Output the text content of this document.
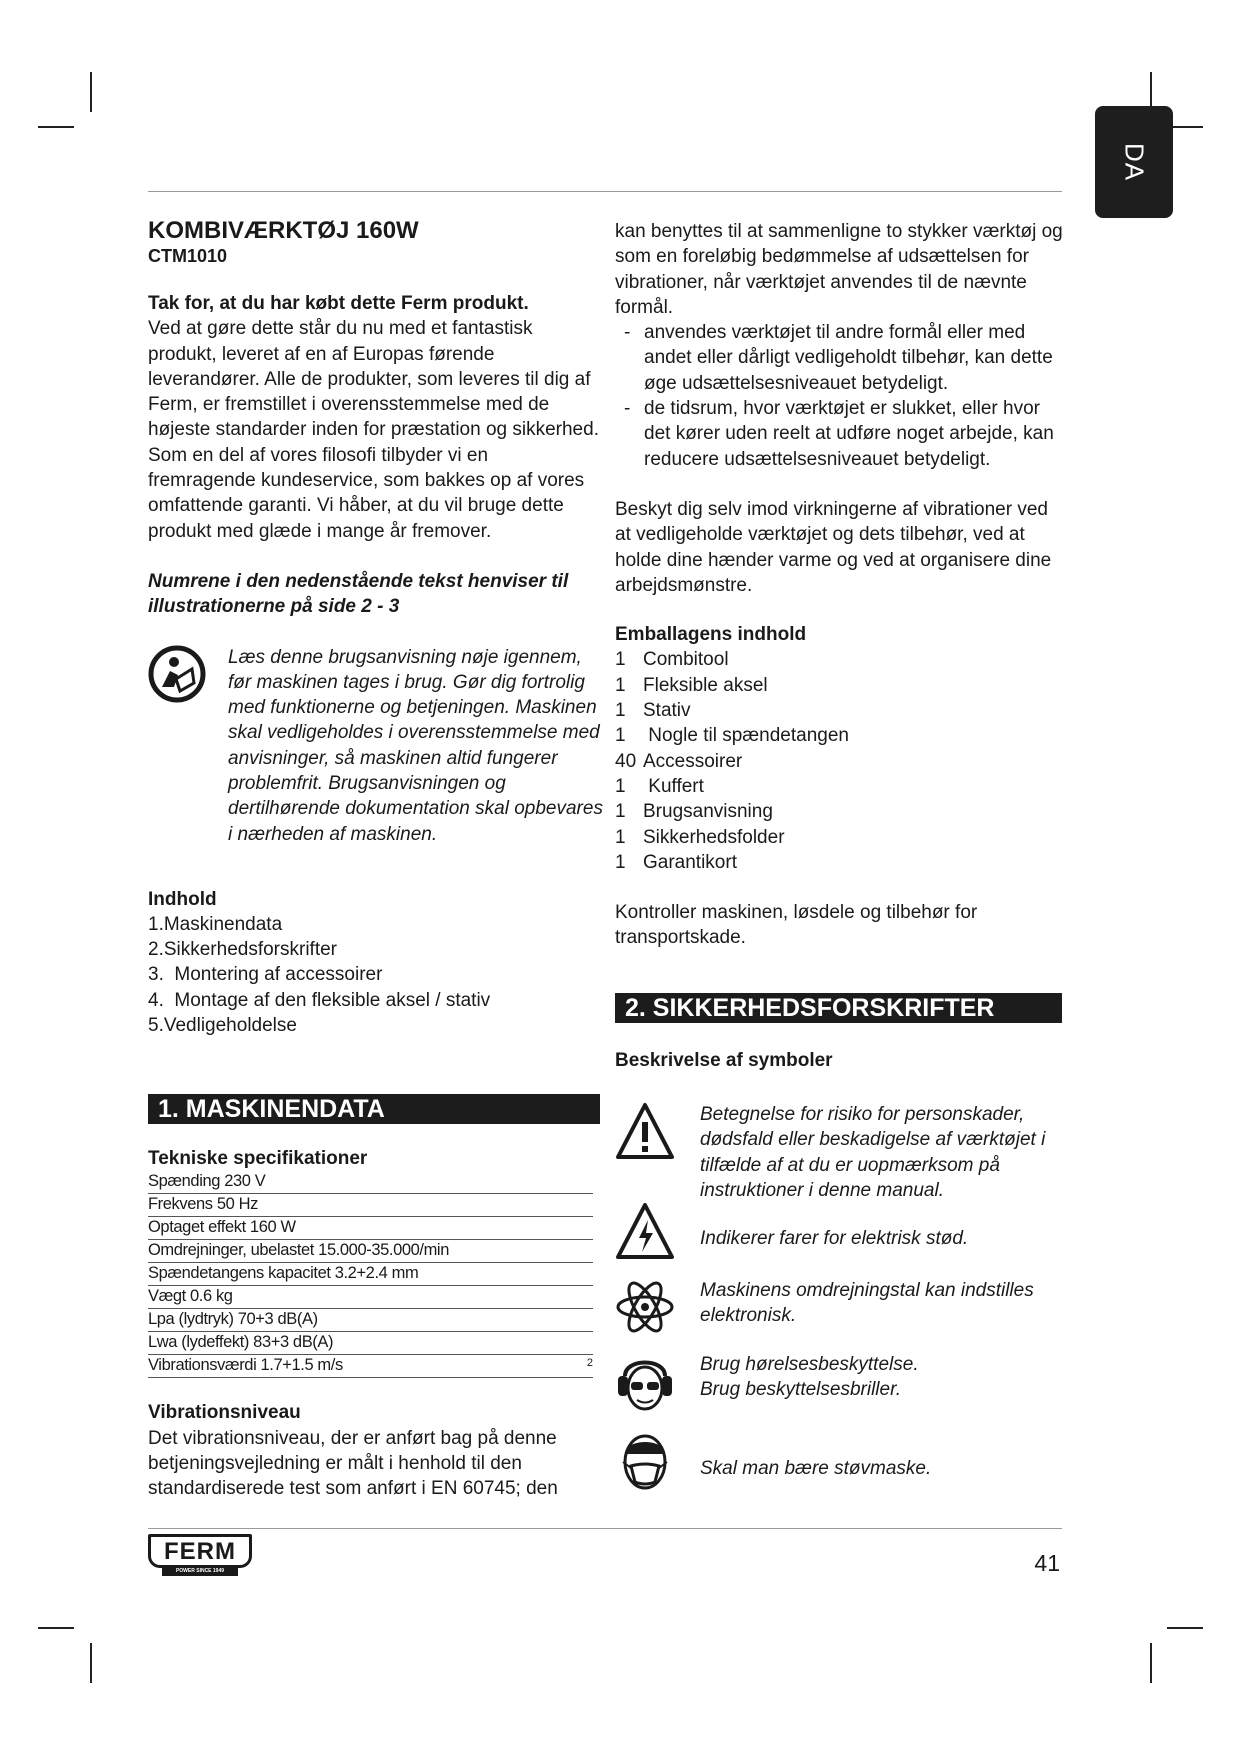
DA

KOMBIVÆRKTØJ 160W

CTM1010

Tak for, at du har købt dette Ferm produkt.

Ved at gøre dette står du nu med et fantastisk produkt, leveret af en af Europas førende leverandører. Alle de produkter, som leveres til dig af Ferm, er fremstillet i overensstemmelse med de højeste standarder inden for præstation og sikkerhed. Som en del af vores filosofi tilbyder vi en fremragende kundeservice, som bakkes op af vores omfattende garanti. Vi håber, at du vil bruge dette produkt med glæde i mange år fremover.

Numrene i den nedenstående tekst henviser til illustrationerne på side 2 - 3

Læs denne brugsanvisning nøje igennem, før maskinen tages i brug. Gør dig fortrolig med funktionerne og betjeningen. Maskinen skal vedligeholdes i overensstemmelse med anvisninger, så maskinen altid fungerer problemfrit. Brugsanvisningen og dertilhørende dokumentation skal opbevares i nærheden af maskinen.

Indhold

1.Maskinendata

2.Sikkerhedsforskrifter

3.  Montering af accessoirer

4.  Montage af den fleksible aksel / stativ

5.Vedligeholdelse

1. MASKINENDATA

Tekniske specifikationer

Spænding 230 V
Frekvens 50 Hz
Optaget effekt 160 W
Omdrejninger, ubelastet 15.000-35.000/min
Spændetangens kapacitet 3.2+2.4 mm
Vægt 0.6 kg
Lpa (lydtryk) 70+3 dB(A)
Lwa (lydeffekt) 83+3 dB(A)
Vibrationsværdi 1.7+1.5 m/s	2

Vibrationsniveau

Det vibrationsniveau, der er anført bag på denne betjeningsvejledning er målt i henhold til den standardiserede test som anført i EN 60745; den

kan benyttes til at sammenligne to stykker værktøj og som en foreløbig bedømmelse af udsættelsen for vibrationer, når værktøjet anvendes til de nævnte formål.

- anvendes værktøjet til andre formål eller med andet eller dårligt vedligeholdt tilbehør, kan dette øge udsættelsesniveauet betydeligt.
- de tidsrum, hvor værktøjet er slukket, eller hvor det kører uden reelt at udføre noget arbejde, kan reducere udsættelsesniveauet betydeligt.

Beskyt dig selv imod virkningerne af vibrationer ved at vedligeholde værktøjet og dets tilbehør, ved at holde dine hænder varme og ved at organisere dine arbejdsmønstre.

Emballagens indhold

1 Combitool
1 Fleksible aksel
1 Stativ
1 Nogle til spændetangen
40 Accessoirer
1 Kuffert
1 Brugsanvisning
1 Sikkerhedsfolder
1 Garantikort

Kontroller maskinen, løsdele og tilbehør for transportskade.

2. SIKKERHEDSFORSKRIFTER

Beskrivelse af symboler

Betegnelse for risiko for personskader, dødsfald eller beskadigelse af værktøjet i tilfælde af at du er uopmærksom på instruktioner i denne manual.

Indikerer farer for elektrisk stød.

Maskinens omdrejningstal kan indstilles elektronisk.

Brug hørelsesbeskyttelse.
Brug beskyttelsesbriller.

Skal man bære støvmaske.

FERM
POWER SINCE 1949	41
